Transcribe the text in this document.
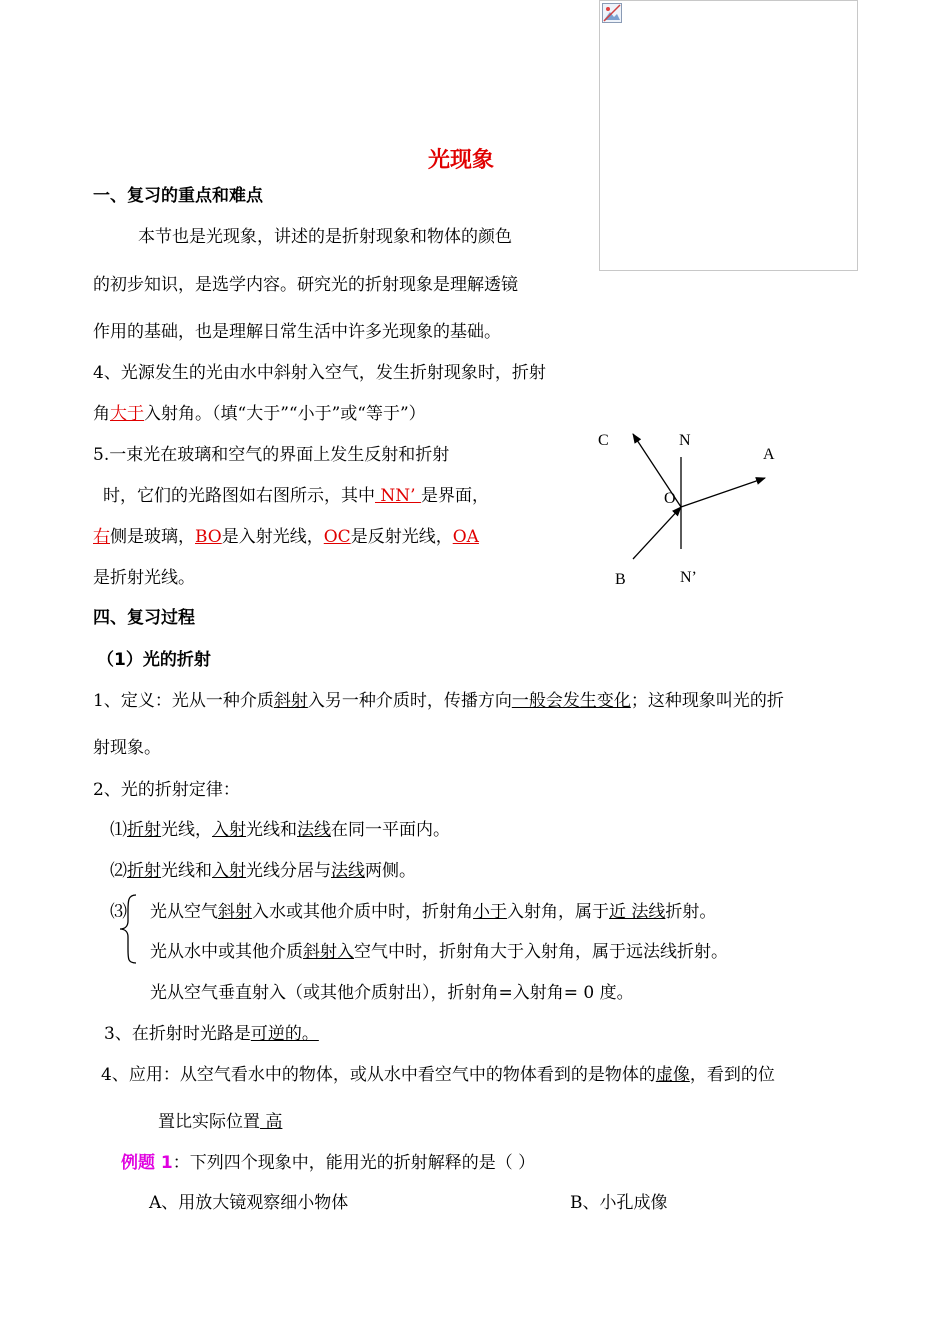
光现象
一、复习的重点和难点
本节也是光现象，讲述的是折射现象和物体的颜色
的初步知识，是选学内容。研究光的折射现象是理解透镜
作用的基础，也是理解日常生活中许多光现象的基础。
4、光源发生的光由水中斜射入空气，发生折射现象时，折射
角大于入射角。（填“大于”“小于”或“等于”）
5.一束光在玻璃和空气的界面上发生反射和折射
时，它们的光路图如右图所示，其中 NN’ 是界面，
右侧是玻璃，BO是入射光线，OC是反射光线，OA
是折射光线。
C	N
A
O
B	N’
四、复习过程
（1）光的折射
1、定义：光从一种介质斜射入另一种介质时，传播方向一般会发生变化；这种现象叫光的折
射现象。
2、光的折射定律：
⑴折射光线，入射光线和法线在同一平面内。
⑵折射光线和入射光线分居与法线两侧。
⑶ 光从空气斜射入水或其他介质中时，折射角小于入射角，属于近 法线折射。
光从水中或其他介质斜射入空气中时，折射角大于入射角，属于远法线折射。
光从空气垂直射入（或其他介质射出），折射角=入射角= 0 度。
3、在折射时光路是可逆的。
4、应用：从空气看水中的物体，或从水中看空气中的物体看到的是物体的虚像，看到的位
置比实际位置 高
例题 1：下列四个现象中，能用光的折射解释的是（ ）
A、用放大镜观察细小物体	B、小孔成像
